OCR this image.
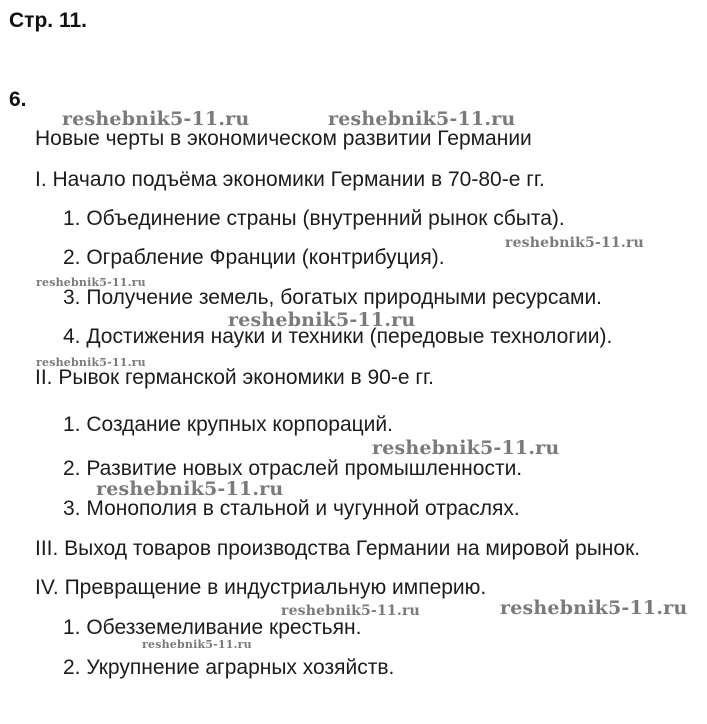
Стр. 11.
6.
Новые черты в экономическом развитии Германии
I. Начало подъёма экономики Германии в 70-80-е гг.
1. Объединение страны (внутренний рынок сбыта).
2. Ограбление Франции (контрибуция).
3. Получение земель, богатых природными ресурсами.
4. Достижения науки и техники (передовые технологии).
II. Рывок германской экономики в 90-е гг.
1. Создание крупных корпораций.
2. Развитие новых отраслей промышленности.
3. Монополия в стальной и чугунной отраслях.
III. Выход товаров производства Германии на мировой рынок.
IV. Превращение в индустриальную империю.
1. Обезземеливание крестьян.
2. Укрупнение аграрных хозяйств.
reshebnik5-11.ru	reshebnik5-11.ru
reshebnik5-11.ru
reshebnik5-11.ru
reshebnik5-11.ru
reshebnik5-11.ru
reshebnik5-11.ru
reshebnik5-11.ru
reshebnik5-11.ru
reshebnik5-11.ru
reshebnik5-11.ru
